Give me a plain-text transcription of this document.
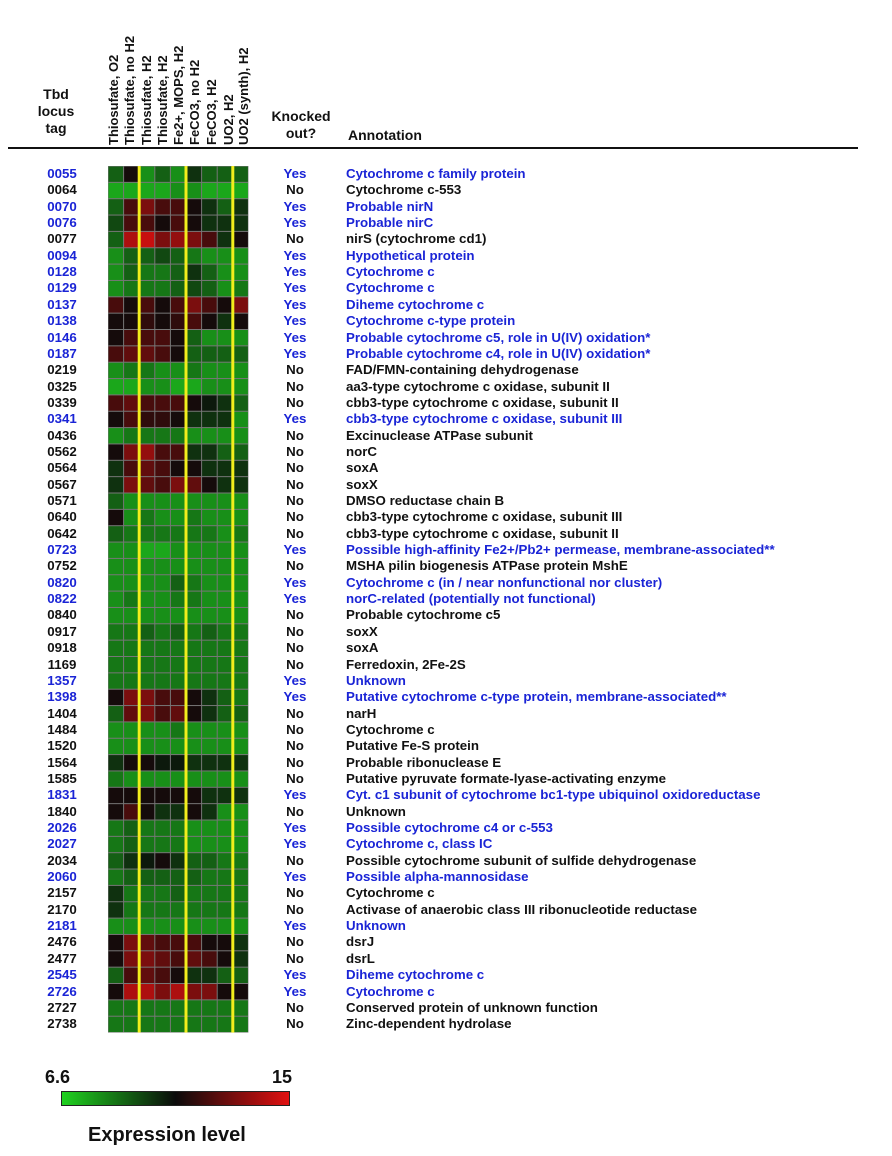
Tbd
locus
tag
Knocked
out?	Annotation
Thiosufate, O2 Thiosufate, no H2 Thiosufate, H2 Thiosufate, H2 Fe2+, MOPS, H2 FeCO3, no H2 FeCO3, H2 UO2, H2 UO2 (synth), H2
0055	Yes	Cytochrome c family protein
0064	No	Cytochrome c-553
0070	Yes	Probable nirN
0076	Yes	Probable nirC
0077	No	nirS (cytochrome cd1)
0094	Yes	Hypothetical protein
0128	Yes	Cytochrome c
0129	Yes	Cytochrome c
0137	Yes	Diheme cytochrome c
0138	Yes	Cytochrome c-type protein
0146	Yes	Probable cytochrome c5, role in U(IV) oxidation*
0187	Yes	Probable cytochrome c4, role in U(IV) oxidation*
0219	No	FAD/FMN-containing dehydrogenase
0325	No	aa3-type cytochrome c oxidase, subunit II
0339	No	cbb3-type cytochrome c oxidase, subunit II
0341	Yes	cbb3-type cytochrome c oxidase, subunit III
0436	No	Excinuclease ATPase subunit
0562	No	norC
0564	No	soxA
0567	No	soxX
0571	No	DMSO reductase chain B
0640	No	cbb3-type cytochrome c oxidase, subunit III
0642	No	cbb3-type cytochrome c oxidase, subunit II
0723	Yes	Possible high-affinity Fe2+/Pb2+ permease, membrane-associated**
0752	No	MSHA pilin biogenesis ATPase protein MshE
0820	Yes	Cytochrome c (in / near nonfunctional nor cluster)
0822	Yes	norC-related (potentially not functional)
0840	No	Probable cytochrome c5
0917	No	soxX
0918	No	soxA
1169	No	Ferredoxin, 2Fe-2S
1357	Yes	Unknown
1398	Yes	Putative cytochrome c-type protein, membrane-associated**
1404	No	narH
1484	No	Cytochrome c
1520	No	Putative Fe-S protein
1564	No	Probable ribonuclease E
1585	No	Putative pyruvate formate-lyase-activating enzyme
1831	Yes	Cyt. c1 subunit of cytochrome bc1-type ubiquinol oxidoreductase
1840	No	Unknown
2026	Yes	Possible cytochrome c4 or c-553
2027	Yes	Cytochrome c, class IC
2034	No	Possible cytochrome subunit of sulfide dehydrogenase
2060	Yes	Possible alpha-mannosidase
2157	No	Cytochrome c
2170	No	Activase of anaerobic class III ribonucleotide reductase
2181	Yes	Unknown
2476	No	dsrJ
2477	No	dsrL
2545	Yes	Diheme cytochrome c
2726	Yes	Cytochrome c
2727	No	Conserved protein of unknown function
2738	No	Zinc-dependent hydrolase
6.6	15
Expression level
